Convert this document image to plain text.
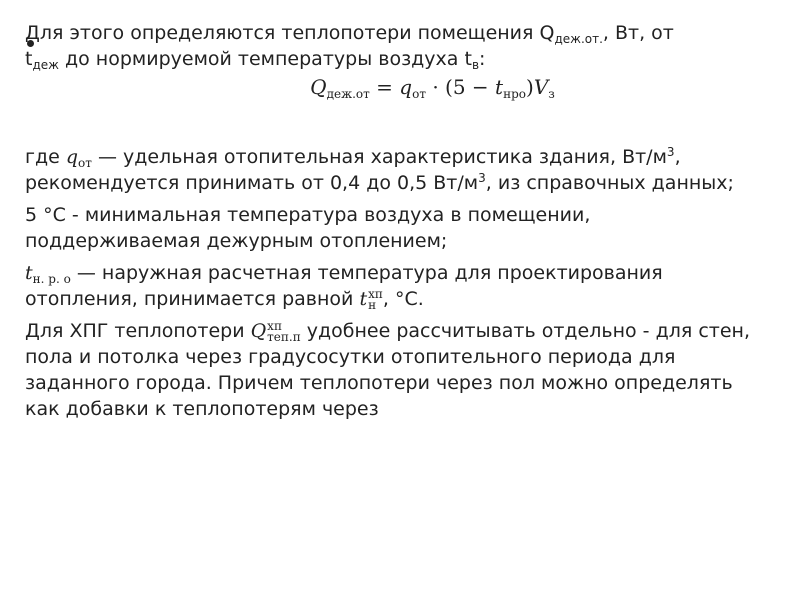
Для этого определяются теплопотери помещения $Q_{деж.от.}$, Вт, от
$t_{деж}$ до нормируемой температуры воздуха $t_в$:

$Q_{деж.от} = q_{от} \cdot (5 - t_{нро})V_з$

где $q_{от}$ — удельная отопительная характеристика здания, $Вт/м^3$, рекомендуется принимать от 0,4 до 0,5 $Вт/м^3$, из справочных данных;

5 °С - минимальная температура воздуха в помещении, поддерживаемая дежурным отоплением;

$t_{н. р. о}$ — наружная расчетная температура для проектирования отопления, принимается равной t хп
н , °С.

Для ХПГ теплопотери Q хп
теп.п удобнее рассчитывать отдельно - для стен, пола и потолка через градусосутки отопительного периода для заданного города. Причем теплопотери через пол можно определять как добавки к теплопотерям через
